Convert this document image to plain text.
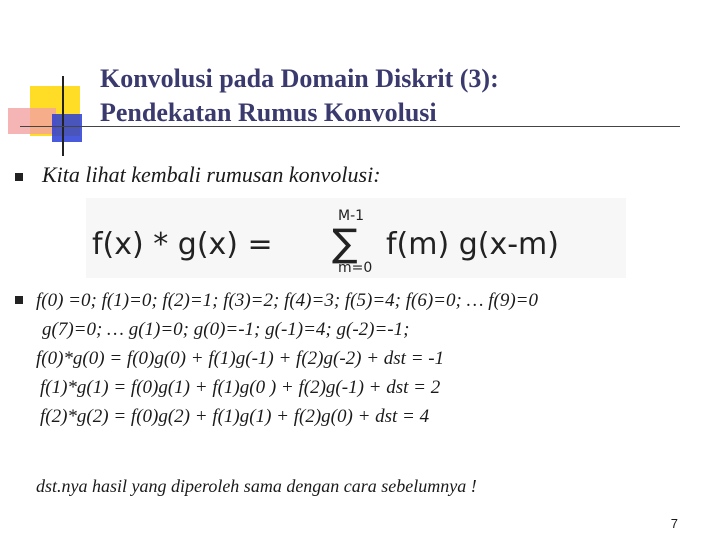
Konvolusi pada Domain Diskrit (3):
Pendekatan Rumus Konvolusi
Kita lihat kembali rumusan konvolusi:
f(x) * g(x) =
M-1
∑
m=0
f(m) g(x-m)
f(0) =0; f(1)=0; f(2)=1; f(3)=2; f(4)=3; f(5)=4; f(6)=0; … f(9)=0
g(7)=0; … g(1)=0; g(0)=-1; g(-1)=4; g(-2)=-1;
f(0)*g(0) = f(0)g(0) + f(1)g(-1) + f(2)g(-2) + dst = -1
f(1)*g(1) = f(0)g(1) + f(1)g(0 ) + f(2)g(-1) + dst = 2
f(2)*g(2) = f(0)g(2) + f(1)g(1) + f(2)g(0) + dst = 4
dst.nya hasil yang diperoleh sama dengan cara sebelumnya !
7
